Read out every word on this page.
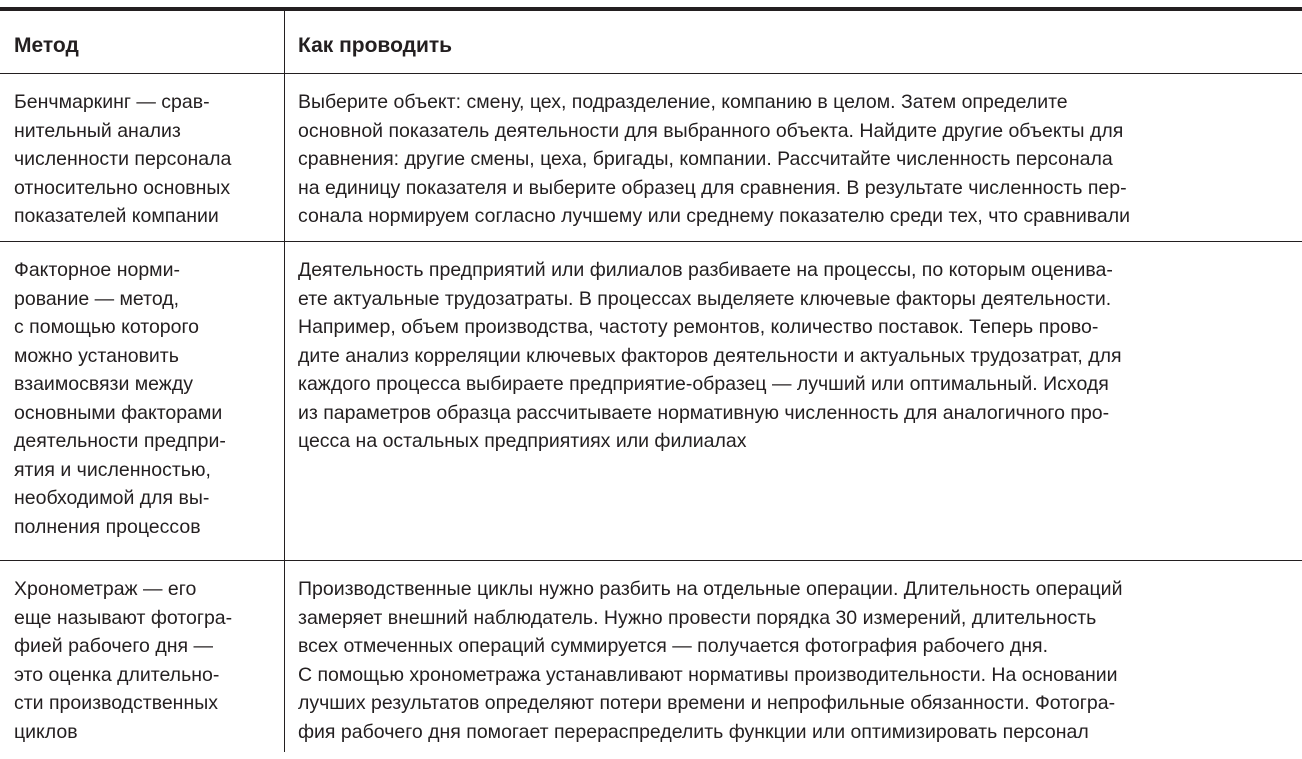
Метод	Как проводить
Бенчмаркинг — срав-
нительный анализ
численности персонала
относительно основных
показателей компании
Выберите объект: смену, цех, подразделение, компанию в целом. Затем определите
основной показатель деятельности для выбранного объекта. Найдите другие объекты для
сравнения: другие смены, цеха, бригады, компании. Рассчитайте численность персонала
на единицу показателя и выберите образец для сравнения. В результате численность пер-
сонала нормируем согласно лучшему или среднему показателю среди тех, что сравнивали
Факторное норми-
рование — метод,
с помощью которого
можно установить
взаимосвязи между
основными факторами
деятельности предпри-
ятия и численностью,
необходимой для вы-
полнения процессов
Деятельность предприятий или филиалов разбиваете на процессы, по которым оценива-
ете актуальные трудозатраты. В процессах выделяете ключевые факторы деятельности.
Например, объем производства, частоту ремонтов, количество поставок. Теперь прово-
дите анализ корреляции ключевых факторов деятельности и актуальных трудозатрат, для
каждого процесса выбираете предприятие-образец — лучший или оптимальный. Исходя
из параметров образца рассчитываете нормативную численность для аналогичного про-
цесса на остальных предприятиях или филиалах
Хронометраж — его
еще называют фотогра-
фией рабочего дня —
это оценка длительно-
сти производственных
циклов
Производственные циклы нужно разбить на отдельные операции. Длительность операций
замеряет внешний наблюдатель. Нужно провести порядка 30 измерений, длительность
всех отмеченных операций суммируется — получается фотография рабочего дня.
С помощью хронометража устанавливают нормативы производительности. На основании
лучших результатов определяют потери времени и непрофильные обязанности. Фотогра-
фия рабочего дня помогает перераспределить функции или оптимизировать персонал
